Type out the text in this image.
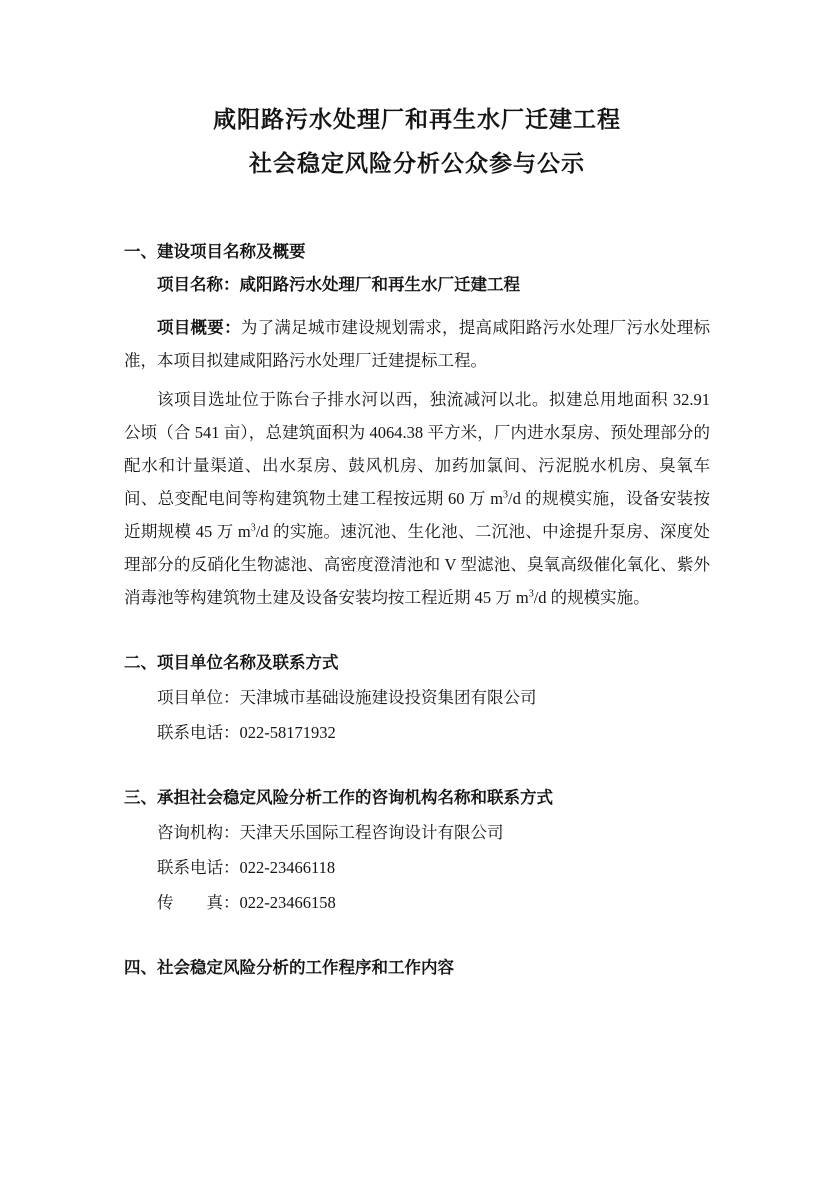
咸阳路污水处理厂和再生水厂迁建工程
社会稳定风险分析公众参与公示
一、建设项目名称及概要

项目名称：咸阳路污水处理厂和再生水厂迁建工程

项目概要：为了满足城市建设规划需求，提高咸阳路污水处理厂污水处理标准，本项目拟建咸阳路污水处理厂迁建提标工程。

该项目选址位于陈台子排水河以西，独流减河以北。拟建总用地面积 32.91 公顷（合 541 亩），总建筑面积为 4064.38 平方米，厂内进水泵房、预处理部分的配水和计量渠道、出水泵房、鼓风机房、加药加氯间、污泥脱水机房、臭氧车间、总变配电间等构建筑物土建工程按远期 60 万 $m^3/d$ 的规模实施，设备安装按近期规模 45 万 $m^3/d$ 的实施。速沉池、生化池、二沉池、中途提升泵房、深度处理部分的反硝化生物滤池、高密度澄清池和 V 型滤池、臭氧高级催化氧化、紫外消毒池等构建筑物土建及设备安装均按工程近期 45 万 $m^3/d$ 的规模实施。

二、项目单位名称及联系方式

项目单位：天津城市基础设施建设投资集团有限公司

联系电话：022-58171932

三、承担社会稳定风险分析工作的咨询机构名称和联系方式

咨询机构：天津天乐国际工程咨询设计有限公司

联系电话：022-23466118

传　　真：022-23466158

四、社会稳定风险分析的工作程序和工作内容
